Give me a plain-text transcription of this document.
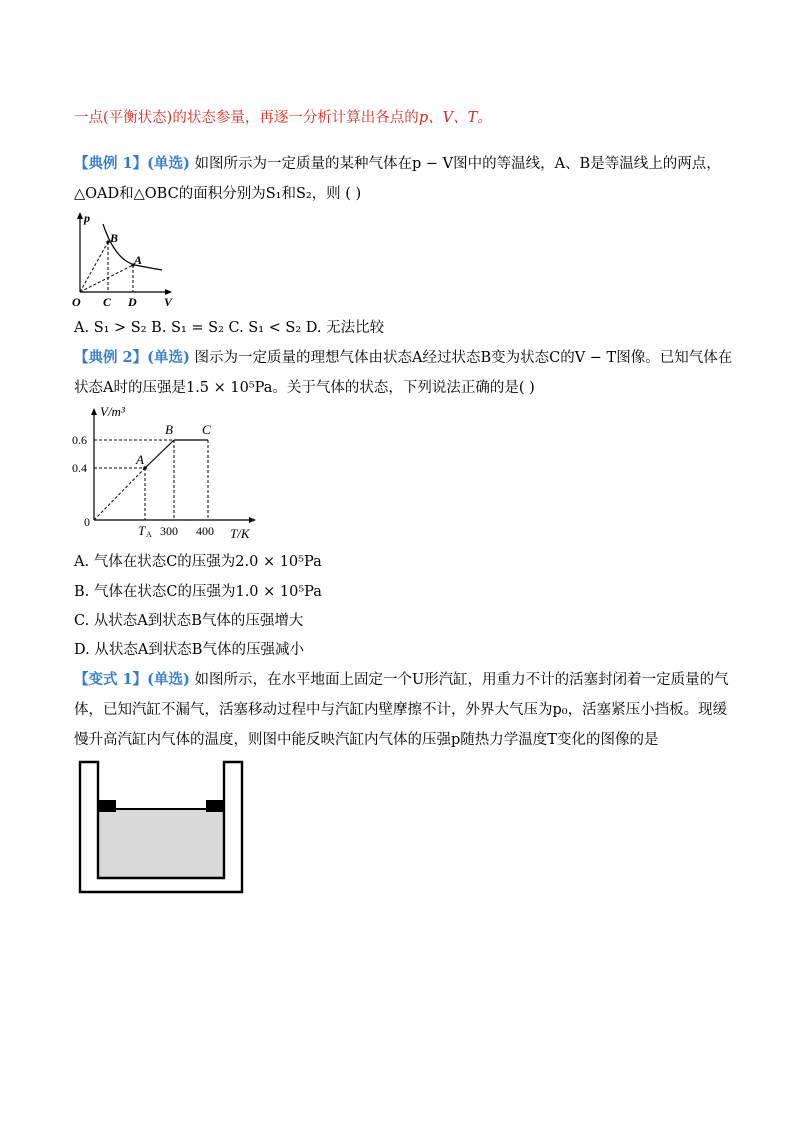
一点(平衡状态)的状态参量，再逐一分析计算出各点的p、V、T。
【典例 1】(单选) 如图所示为一定质量的某种气体在p − V图中的等温线，A、B是等温线上的两点，
△OAD和△OBC的面积分别为S₁和S₂，则 ( )
p
B
A
O C D V
A. S₁ > S₂ B. S₁ = S₂ C. S₁ < S₂ D. 无法比较
【典例 2】(单选) 图示为一定质量的理想气体由状态A经过状态B变为状态C的V − T图像。已知气体在
状态A时的压强是1.5 × 10⁵Pa。关于气体的状态，下列说法正确的是( )
V/m³
0.6
0.4
0
A
B C
T A 300 400 T/K
A. 气体在状态C的压强为2.0 × 10⁵Pa
B. 气体在状态C的压强为1.0 × 10⁵Pa
C. 从状态A到状态B气体的压强增大
D. 从状态A到状态B气体的压强减小
【变式 1】(单选) 如图所示，在水平地面上固定一个U形汽缸，用重力不计的活塞封闭着一定质量的气
体，已知汽缸不漏气，活塞移动过程中与汽缸内壁摩擦不计，外界大气压为p₀，活塞紧压小挡板。现缓
慢升高汽缸内气体的温度，则图中能反映汽缸内气体的压强p随热力学温度T变化的图像的是
